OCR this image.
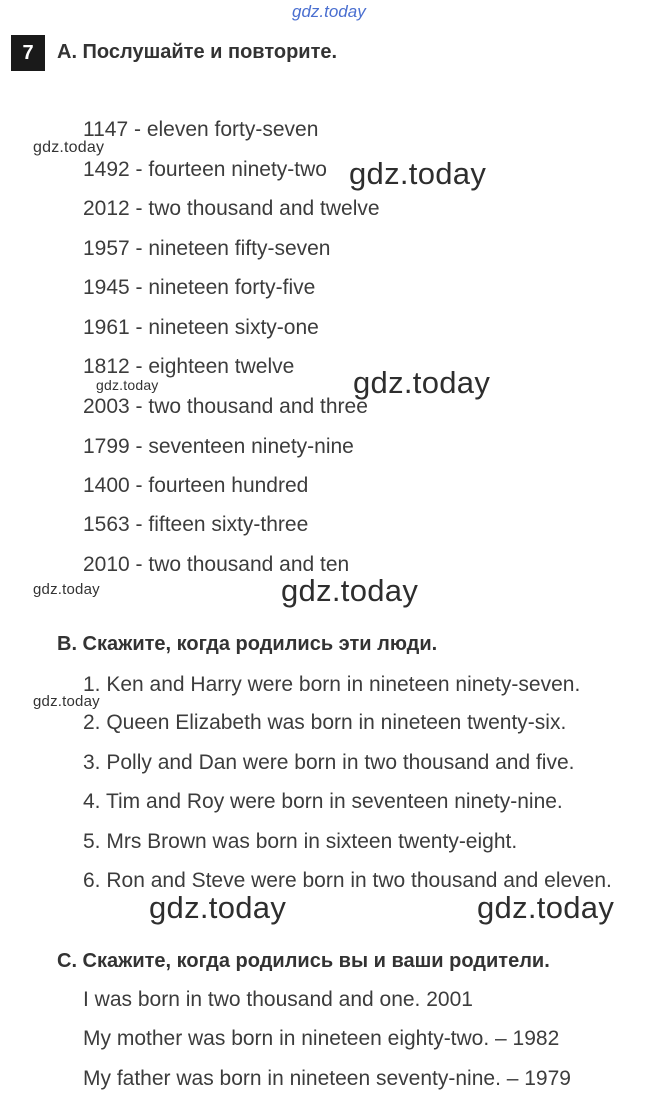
gdz.today
7	A. Послушайте и повторите.
1147 - eleven forty-seven
1492 - fourteen ninety-two
2012 - two thousand and twelve
1957 - nineteen fifty-seven
1945 - nineteen forty-five
1961 - nineteen sixty-one
1812 - eighteen twelve
2003 - two thousand and three
1799 - seventeen ninety-nine
1400 - fourteen hundred
1563 - fifteen sixty-three
2010 - two thousand and ten
B. Скажите, когда родились эти люди.
1. Ken and Harry were born in nineteen ninety-seven.
2. Queen Elizabeth was born in nineteen twenty-six.
3. Polly and Dan were born in two thousand and five.
4. Tim and Roy were born in seventeen ninety-nine.
5. Mrs Brown was born in sixteen twenty-eight.
6. Ron and Steve were born in two thousand and eleven.
C. Скажите, когда родились вы и ваши родители.
I was born in two thousand and one. 2001
My mother was born in nineteen eighty-two. – 1982
My father was born in nineteen seventy-nine. – 1979
gdz.today
gdz.today
gdz.today	gdz.today
gdz.today	gdz.today
gdz.today
gdz.today	gdz.today
